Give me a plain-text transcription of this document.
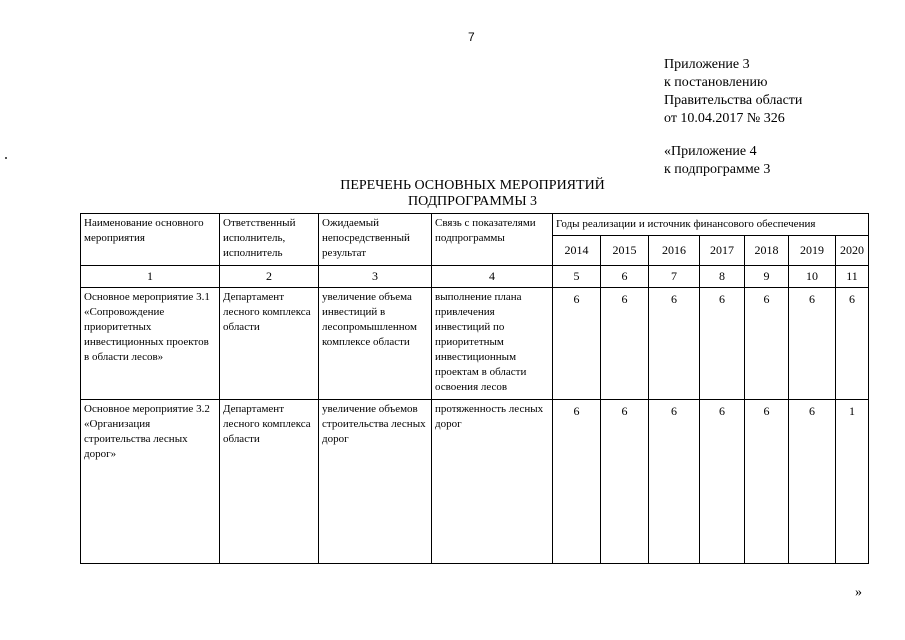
7
Приложение 3
к постановлению
Правительства области
от 10.04.2017 № 326
«Приложение 4
к подпрограмме 3
ПЕРЕЧЕНЬ ОСНОВНЫХ МЕРОПРИЯТИЙ
ПОДПРОГРАММЫ 3
Наименование основного мероприятия	Ответственный исполнитель, исполнитель	Ожидаемый непосредственный результат	Связь с показателями подпрограммы	Годы реализации и источник финансового обеспечения						
				2014	2015	2016	2017	2018	2019	2020
1	2	3	4	5	6	7	8	9	10	11
Основное мероприятие 3.1 «Сопровождение приоритетных инвестиционных проектов в области лесов»	Департамент лесного комплекса области	увеличение объема инвестиций в лесопромышленном комплексе области	выполнение плана привлечения инвестиций по приоритетным инвестиционным проектам в области освоения лесов	6	6	6	6	6	6	6
Основное мероприятие 3.2 «Организация строительства лесных дорог»	Департамент лесного комплекса области	увеличение объемов строительства лесных дорог	протяженность лесных дорог	6	6	6	6	6	6	1
»
